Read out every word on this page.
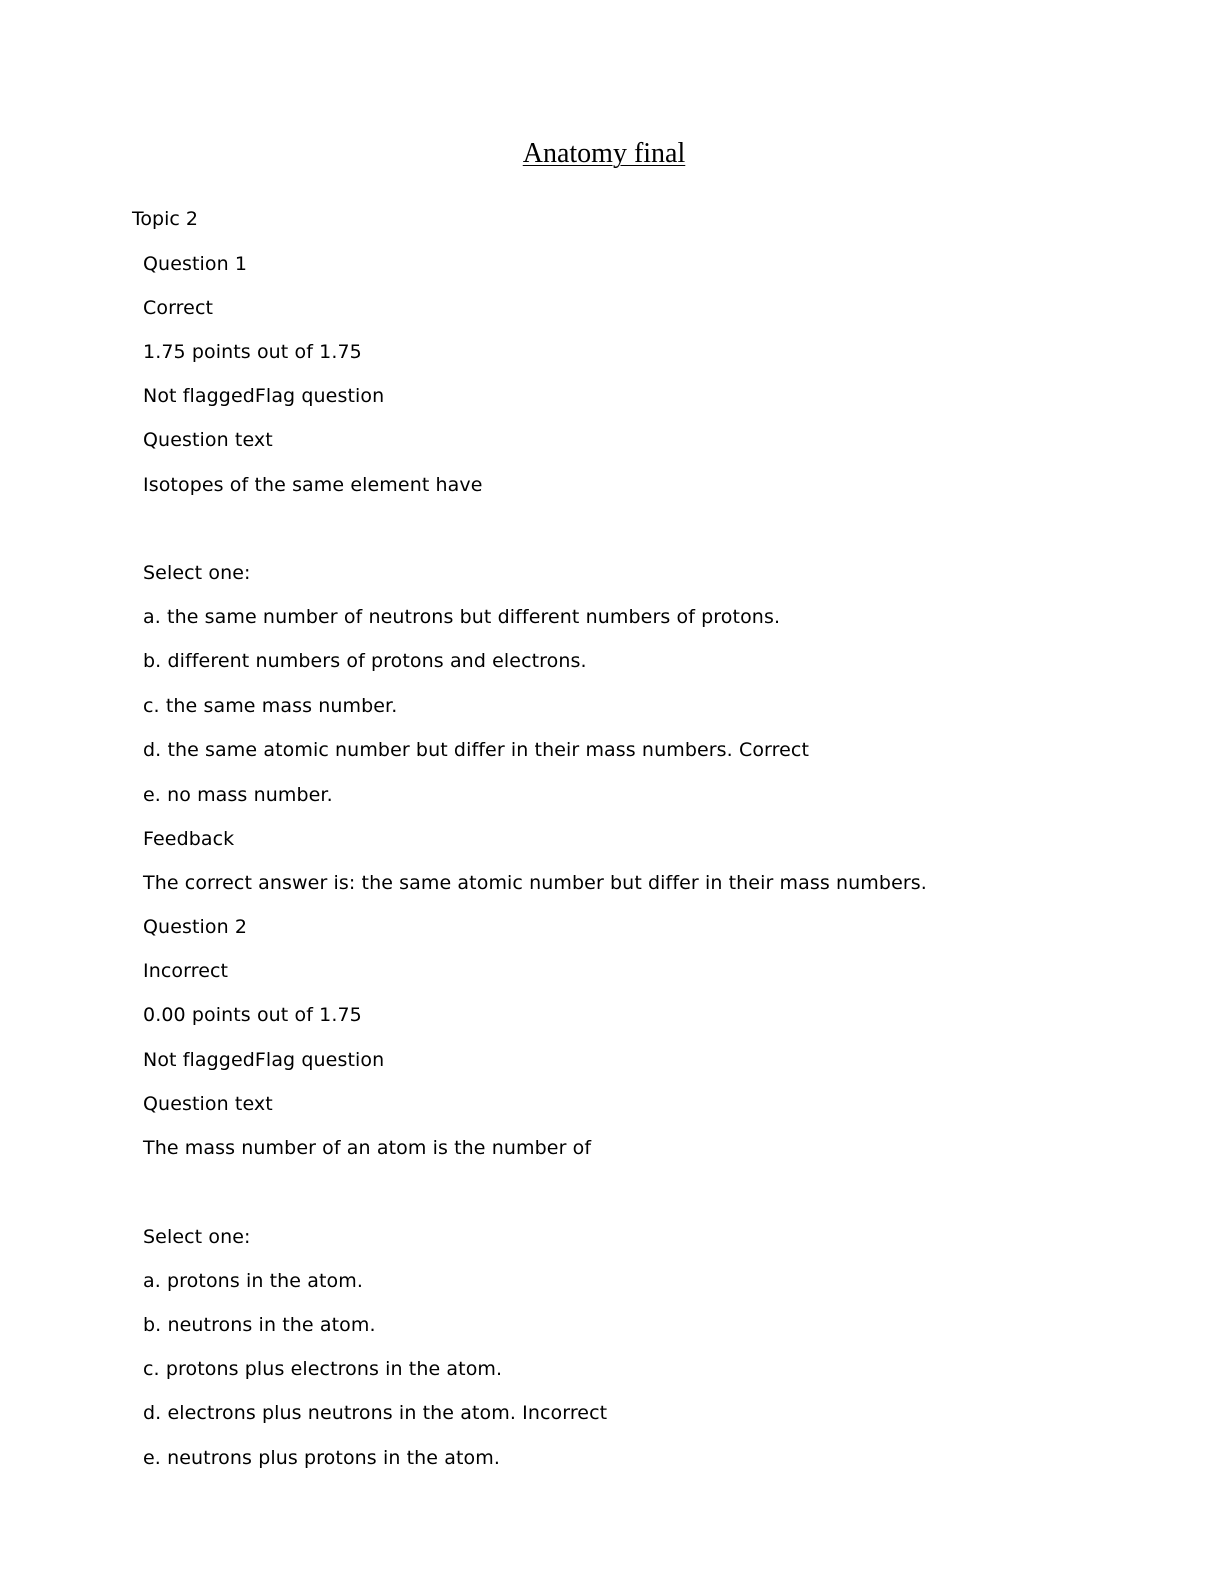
Anatomy final

Topic 2

Question 1

Correct

1.75 points out of 1.75

Not flaggedFlag question

Question text

Isotopes of the same element have

Select one:

a. the same number of neutrons but different numbers of protons.

b. different numbers of protons and electrons.

c. the same mass number.

d. the same atomic number but differ in their mass numbers. Correct

e. no mass number.

Feedback

The correct answer is: the same atomic number but differ in their mass numbers.

Question 2

Incorrect

0.00 points out of 1.75

Not flaggedFlag question

Question text

The mass number of an atom is the number of

Select one:

a. protons in the atom.

b. neutrons in the atom.

c. protons plus electrons in the atom.

d. electrons plus neutrons in the atom. Incorrect

e. neutrons plus protons in the atom.
